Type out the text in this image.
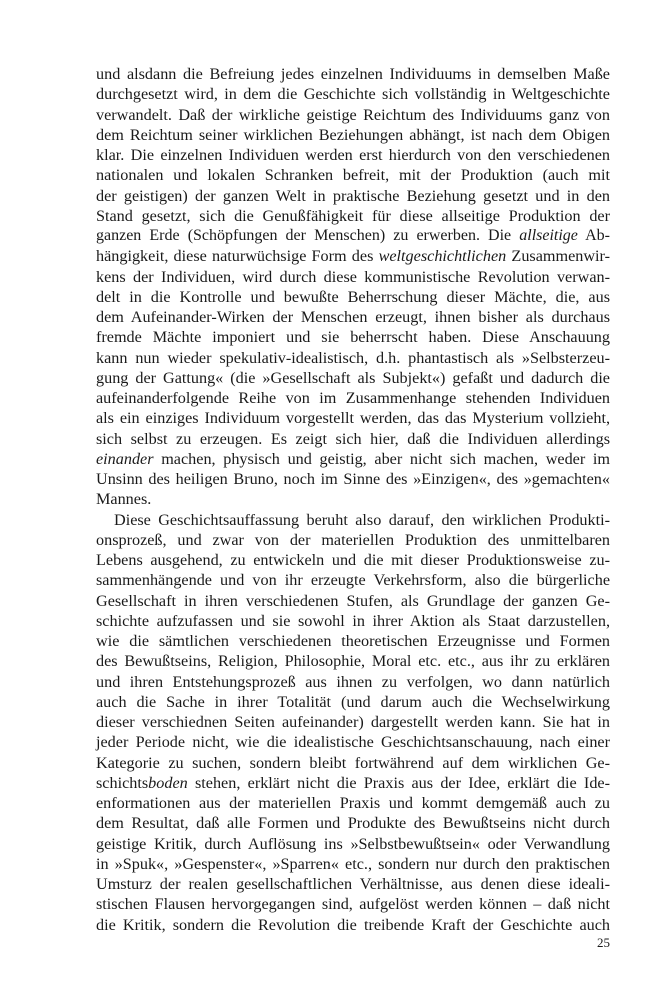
und alsdann die Befreiung jedes einzelnen Individuums in demselben Maße
durchgesetzt wird, in dem die Geschichte sich vollständig in Weltgeschichte
verwandelt. Daß der wirkliche geistige Reichtum des Individuums ganz von
dem Reichtum seiner wirklichen Beziehungen abhängt, ist nach dem Obigen
klar. Die einzelnen Individuen werden erst hierdurch von den verschiedenen
nationalen und lokalen Schranken befreit, mit der Produktion (auch mit
der geistigen) der ganzen Welt in praktische Beziehung gesetzt und in den
Stand gesetzt, sich die Genußfähigkeit für diese allseitige Produktion der
ganzen Erde (Schöpfungen der Menschen) zu erwerben. Die allseitige Ab-
hängigkeit, diese naturwüchsige Form des weltgeschichtlichen Zusammenwir-
kens der Individuen, wird durch diese kommunistische Revolution verwan-
delt in die Kontrolle und bewußte Beherrschung dieser Mächte, die, aus
dem Aufeinander-Wirken der Menschen erzeugt, ihnen bisher als durchaus
fremde Mächte imponiert und sie beherrscht haben. Diese Anschauung
kann nun wieder spekulativ-idealistisch, d.h. phantastisch als »Selbsterzeu-
gung der Gattung« (die »Gesellschaft als Subjekt«) gefaßt und dadurch die
aufeinanderfolgende Reihe von im Zusammenhange stehenden Individuen
als ein einziges Individuum vorgestellt werden, das das Mysterium vollzieht,
sich selbst zu erzeugen. Es zeigt sich hier, daß die Individuen allerdings
einander machen, physisch und geistig, aber nicht sich machen, weder im
Unsinn des heiligen Bruno, noch im Sinne des »Einzigen«, des »gemachten«
Mannes.
Diese Geschichtsauffassung beruht also darauf, den wirklichen Produkti-
onsprozeß, und zwar von der materiellen Produktion des unmittelbaren
Lebens ausgehend, zu entwickeln und die mit dieser Produktionsweise zu-
sammenhängende und von ihr erzeugte Verkehrsform, also die bürgerliche
Gesellschaft in ihren verschiedenen Stufen, als Grundlage der ganzen Ge-
schichte aufzufassen und sie sowohl in ihrer Aktion als Staat darzustellen,
wie die sämtlichen verschiedenen theoretischen Erzeugnisse und Formen
des Bewußtseins, Religion, Philosophie, Moral etc. etc., aus ihr zu erklären
und ihren Entstehungsprozeß aus ihnen zu verfolgen, wo dann natürlich
auch die Sache in ihrer Totalität (und darum auch die Wechselwirkung
dieser verschiednen Seiten aufeinander) dargestellt werden kann. Sie hat in
jeder Periode nicht, wie die idealistische Geschichtsanschauung, nach einer
Kategorie zu suchen, sondern bleibt fortwährend auf dem wirklichen Ge-
schichtsboden stehen, erklärt nicht die Praxis aus der Idee, erklärt die Ide-
enformationen aus der materiellen Praxis und kommt demgemäß auch zu
dem Resultat, daß alle Formen und Produkte des Bewußtseins nicht durch
geistige Kritik, durch Auflösung ins »Selbstbewußtsein« oder Verwandlung
in »Spuk«, »Gespenster«, »Sparren« etc., sondern nur durch den praktischen
Umsturz der realen gesellschaftlichen Verhältnisse, aus denen diese ideali-
stischen Flausen hervorgegangen sind, aufgelöst werden können – daß nicht
die Kritik, sondern die Revolution die treibende Kraft der Geschichte auch
25
